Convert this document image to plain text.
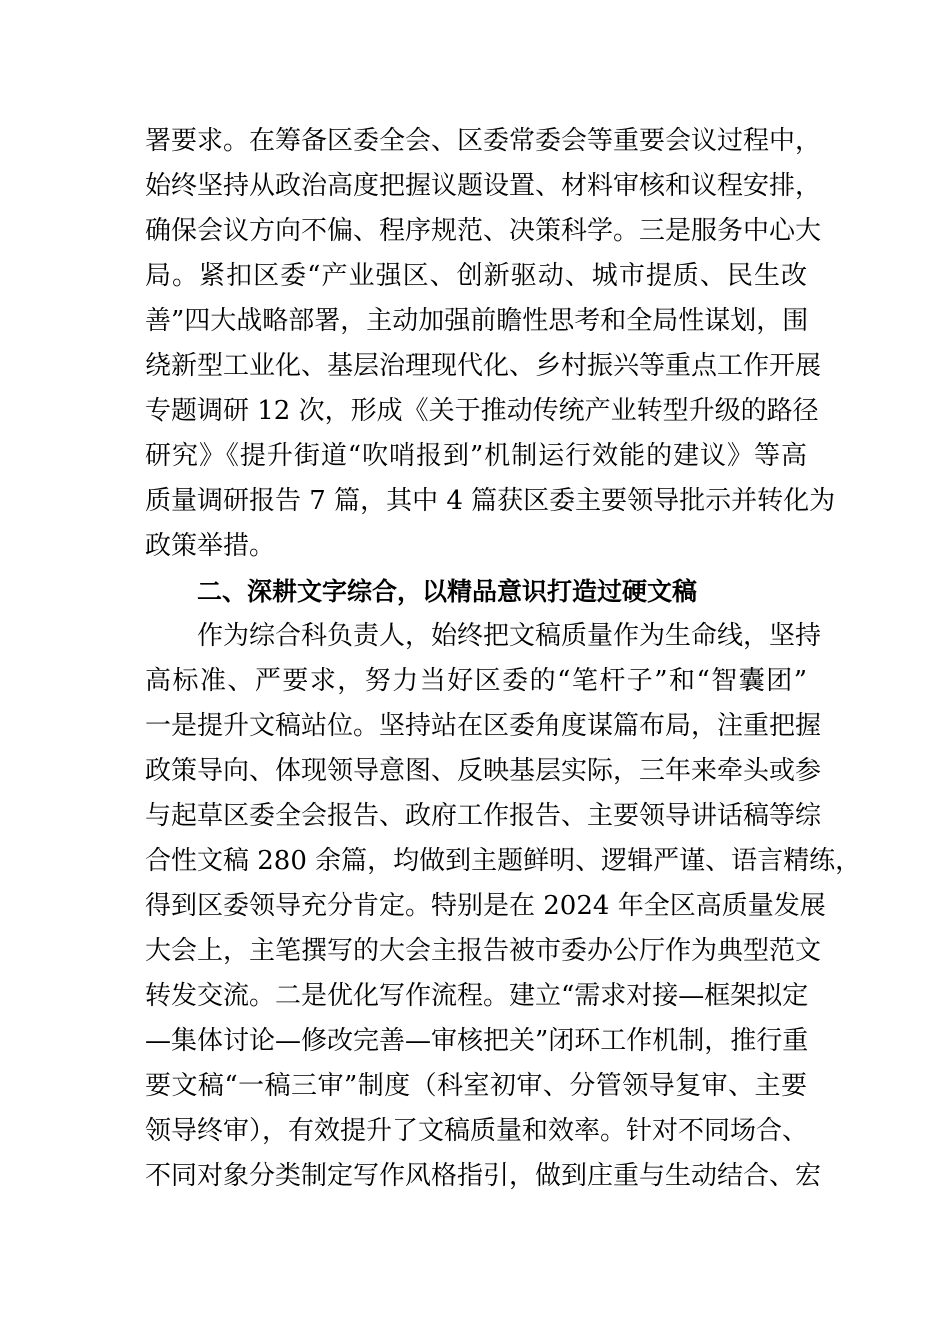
署要求。在筹备区委全会、区委常委会等重要会议过程中，
始终坚持从政治高度把握议题设置、材料审核和议程安排，
确保会议方向不偏、程序规范、决策科学。三是服务中心大
局。紧扣区委“产业强区、创新驱动、城市提质、民生改
善”四大战略部署，主动加强前瞻性思考和全局性谋划，围
绕新型工业化、基层治理现代化、乡村振兴等重点工作开展
专题调研 12 次，形成《关于推动传统产业转型升级的路径
研究》《提升街道“吹哨报到”机制运行效能的建议》等高
质量调研报告 7 篇，其中 4 篇获区委主要领导批示并转化为
政策举措。
二、深耕文字综合，以精品意识打造过硬文稿
作为综合科负责人，始终把文稿质量作为生命线，坚持
高标准、严要求，努力当好区委的“笔杆子”和“智囊团”
一是提升文稿站位。坚持站在区委角度谋篇布局，注重把握
政策导向、体现领导意图、反映基层实际，三年来牵头或参
与起草区委全会报告、政府工作报告、主要领导讲话稿等综
合性文稿 280 余篇，均做到主题鲜明、逻辑严谨、语言精练，
得到区委领导充分肯定。特别是在 2024 年全区高质量发展
大会上，主笔撰写的大会主报告被市委办公厅作为典型范文
转发交流。二是优化写作流程。建立“需求对接—框架拟定
—集体讨论—修改完善—审核把关”闭环工作机制，推行重
要文稿“一稿三审”制度（科室初审、分管领导复审、主要
领导终审），有效提升了文稿质量和效率。针对不同场合、
不同对象分类制定写作风格指引，做到庄重与生动结合、宏
